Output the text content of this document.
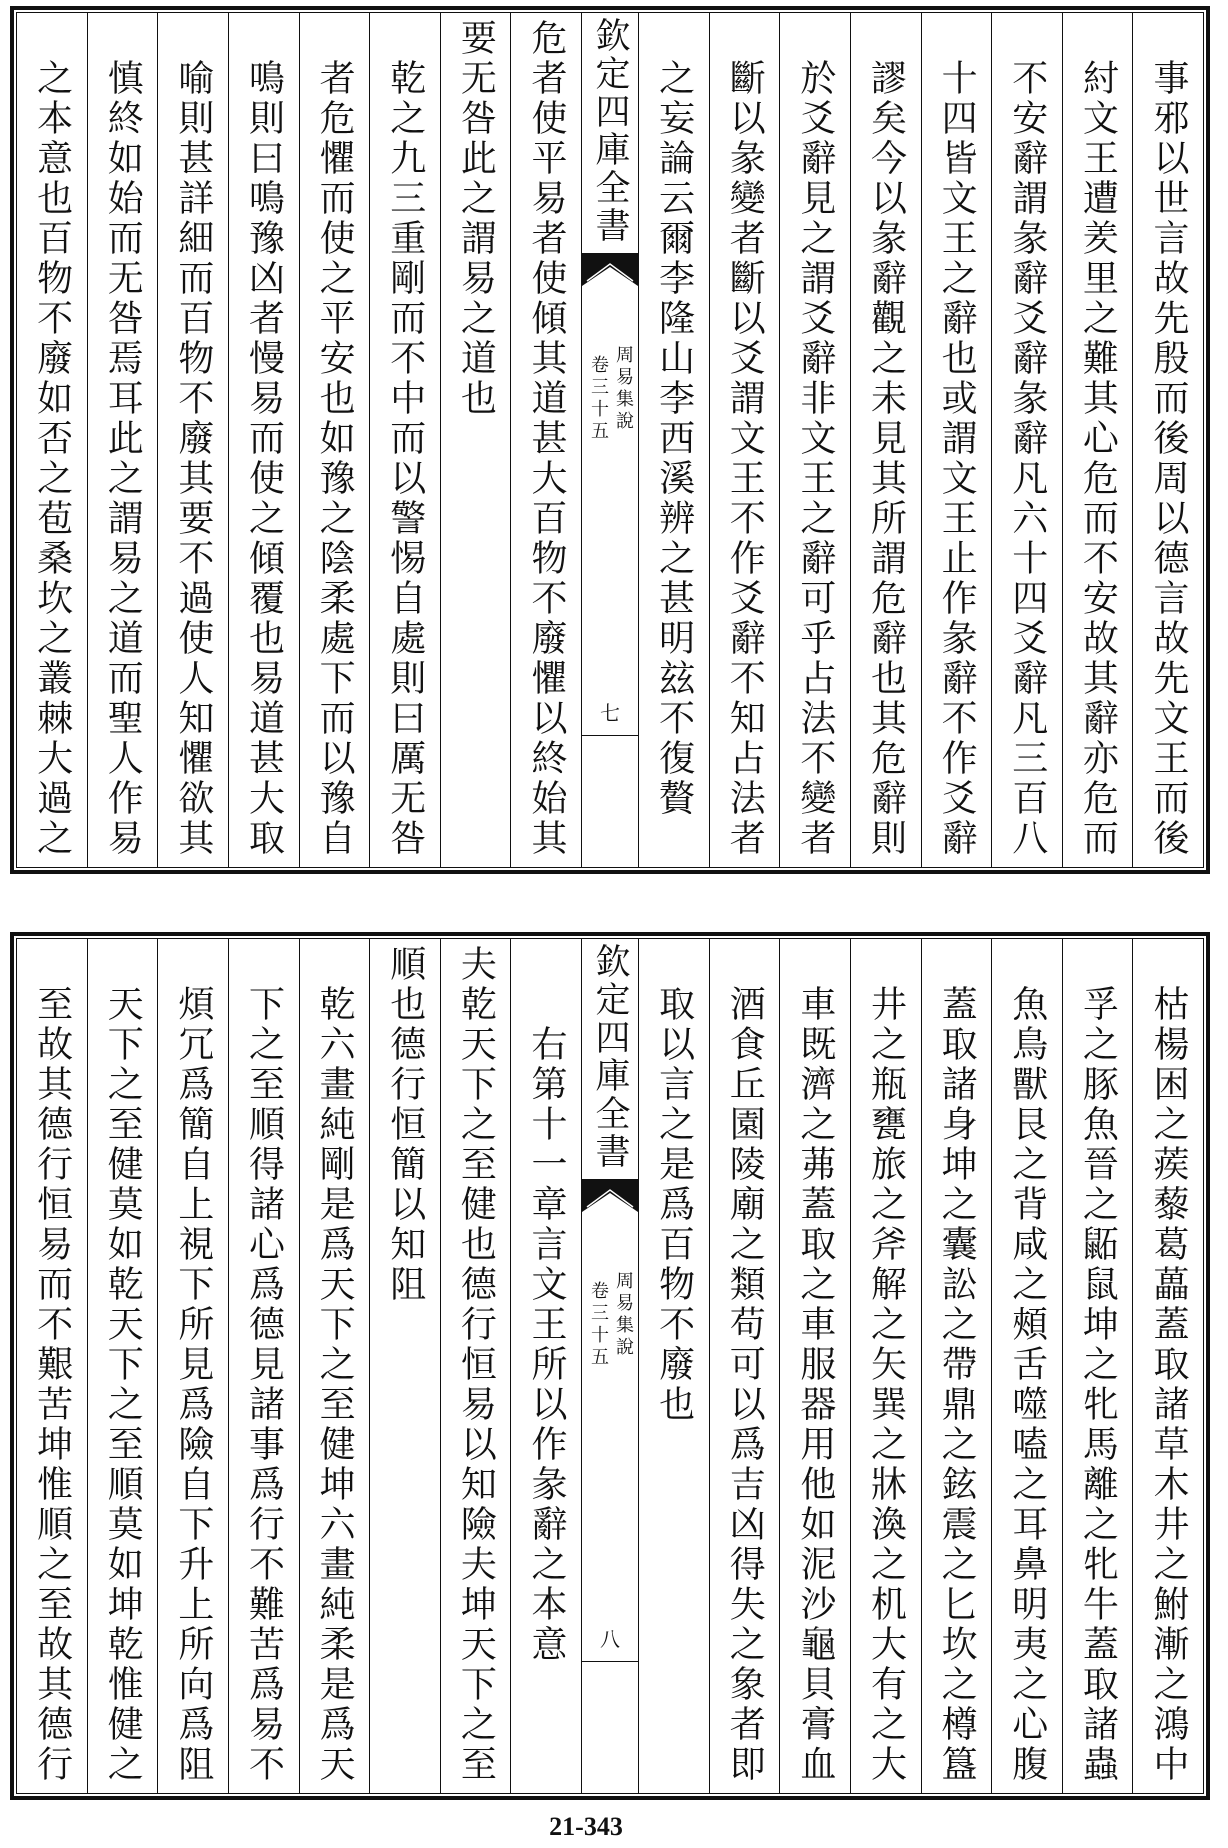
事邪以世言故先殷而後周以德言故先文王而後
紂文王遭羑里之難其心危而不安故其辭亦危而
不安辭謂彖辭爻辭彖辭凡六十四爻辭凡三百八
十四皆文王之辭也或謂文王止作彖辭不作爻辭
謬矣今以彖辭觀之未見其所謂危辭也其危辭則
於爻辭見之謂爻辭非文王之辭可乎占法不變者
斷以彖變者斷以爻謂文王不作爻辭不知占法者
之妄論云爾李隆山李西溪辨之甚明玆不復贅
欽定四庫全書
周易集說
卷三十五
七
危者使平易者使傾其道甚大百物不廢懼以終始其
要无咎此之謂易之道也
乾之九三重剛而不中而以警惕自處則曰厲无咎
者危懼而使之平安也如豫之陰柔處下而以豫自
鳴則曰鳴豫凶者慢易而使之傾覆也易道甚大取
喻則甚詳細而百物不廢其要不過使人知懼欲其
慎終如始而无咎焉耳此之謂易之道而聖人作易
之本意也百物不廢如否之苞桑坎之叢棘大過之
枯楊困之蒺藜葛藟蓋取諸草木井之鮒漸之鴻中
孚之豚魚晉之鼫鼠坤之牝馬離之牝牛蓋取諸蟲
魚鳥獸艮之背咸之頰舌噬嗑之耳鼻明夷之心腹
蓋取諸身坤之囊訟之帶鼎之鉉震之匕坎之樽簋
井之瓶甕旅之斧解之矢巽之牀渙之机大有之大
車既濟之茀蓋取之車服器用他如泥沙龜貝膏血
酒食丘園陵廟之類苟可以爲吉凶得失之象者即
取以言之是爲百物不廢也
欽定四庫全書
周易集說
卷三十五
八
右第十一章言文王所以作彖辭之本意
夫乾天下之至健也德行恒易以知險夫坤天下之至
順也德行恒簡以知阻
乾六畫純剛是爲天下之至健坤六畫純柔是爲天
下之至順得諸心爲德見諸事爲行不難苦爲易不
煩冗爲簡自上視下所見爲險自下升上所向爲阻
天下之至健莫如乾天下之至順莫如坤乾惟健之
至故其德行恒易而不艱苦坤惟順之至故其德行
21-343
